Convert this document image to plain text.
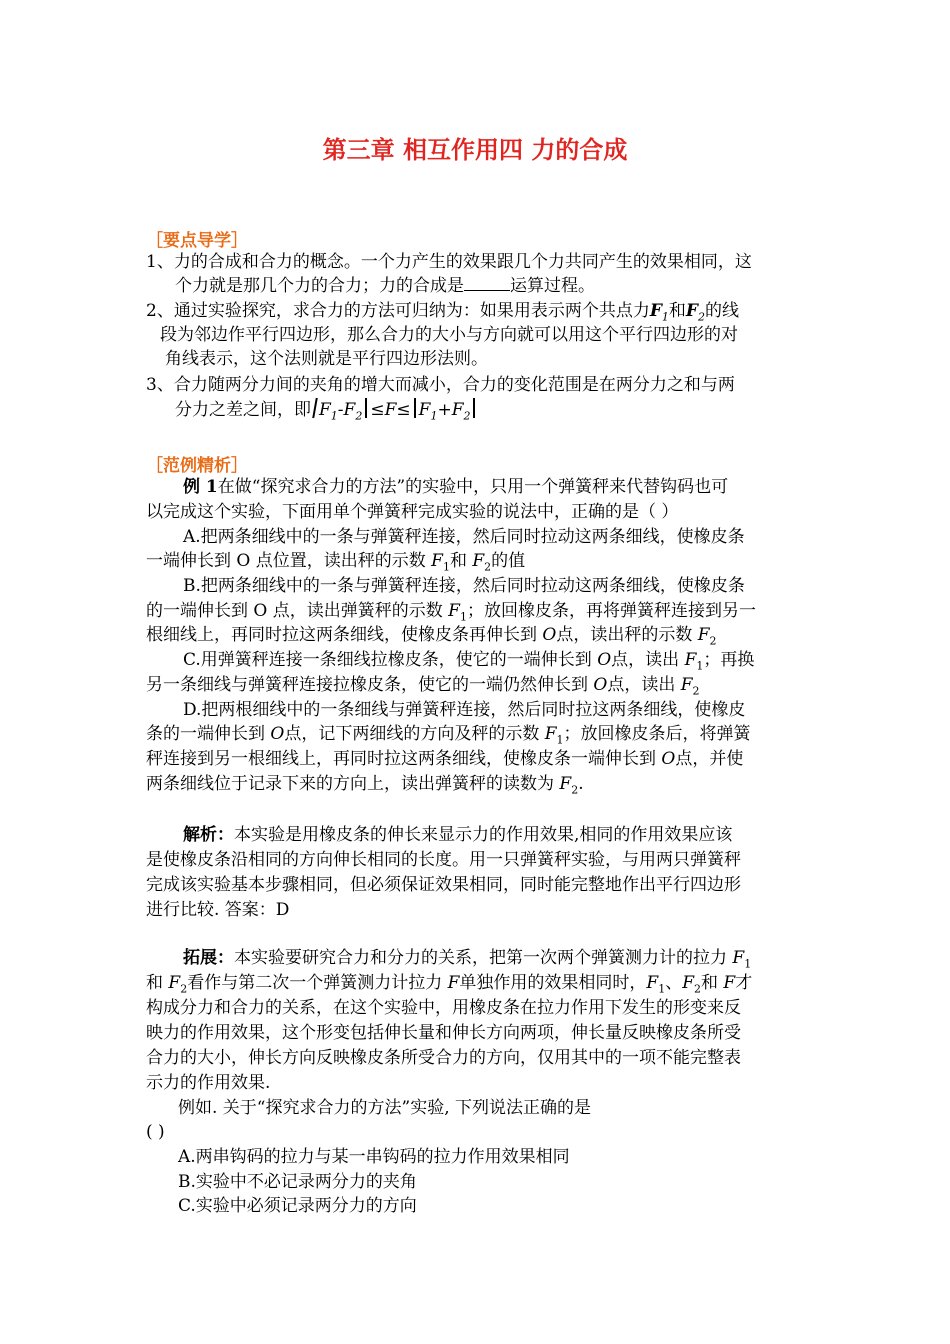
第三章 相互作用四 力的合成
［要点导学］
1、力的合成和合力的概念。一个力产生的效果跟几个力共同产生的效果相同，这
个力就是那几个力的合力；力的合成是	运算过程。
2、通过实验探究，求合力的方法可归纳为：如果用表示两个共点力$F_1$和$F_2$的线
段为邻边作平行四边形，那么合力的大小与方向就可以用这个平行四边形的对
角线表示，这个法则就是平行四边形法则。
3、合力随两分力间的夹角的增大而减小，合力的变化范围是在两分力之和与两
分力之差之间，即 $F_1-F_2 \le F\le F_1+F_2$
［范例精析］
例 1在做“探究求合力的方法”的实验中，只用一个弹簧秤来代替钩码也可
以完成这个实验，下面用单个弹簧秤完成实验的说法中，正确的是（ ）
A.把两条细线中的一条与弹簧秤连接，然后同时拉动这两条细线，使橡皮条
一端伸长到 O 点位置，读出秤的示数 $F_1$和 $F_2$的值
B.把两条细线中的一条与弹簧秤连接，然后同时拉动这两条细线，使橡皮条
的一端伸长到 O 点，读出弹簧秤的示数 $F_1$；放回橡皮条，再将弹簧秤连接到另一
根细线上，再同时拉这两条细线，使橡皮条再伸长到 O点，读出秤的示数 $F_2$
C.用弹簧秤连接一条细线拉橡皮条，使它的一端伸长到 O点，读出 $F_1$；再换
另一条细线与弹簧秤连接拉橡皮条，使它的一端仍然伸长到 O点，读出 $F_2$
D.把两根细线中的一条细线与弹簧秤连接，然后同时拉这两条细线，使橡皮
条的一端伸长到 O点，记下两细线的方向及秤的示数 $F_1$；放回橡皮条后，将弹簧
秤连接到另一根细线上，再同时拉这两条细线，使橡皮条一端伸长到 O点，并使
两条细线位于记录下来的方向上，读出弹簧秤的读数为 $F_2$.
解析：本实验是用橡皮条的伸长来显示力的作用效果,相同的作用效果应该
是使橡皮条沿相同的方向伸长相同的长度。用一只弹簧秤实验，与用两只弹簧秤
完成该实验基本步骤相同，但必须保证效果相同，同时能完整地作出平行四边形
进行比较. 答案：D
拓展：本实验要研究合力和分力的关系，把第一次两个弹簧测力计的拉力 $F_1$
和 $F_2$看作与第二次一个弹簧测力计拉力 F单独作用的效果相同时，$F_1$、$F_2$和 F才
构成分力和合力的关系，在这个实验中，用橡皮条在拉力作用下发生的形变来反
映力的作用效果，这个形变包括伸长量和伸长方向两项，伸长量反映橡皮条所受
合力的大小，伸长方向反映橡皮条所受合力的方向，仅用其中的一项不能完整表
示力的作用效果.
例如. 关于“探究求合力的方法”实验, 下列说法正确的是
( )
A.两串钩码的拉力与某一串钩码的拉力作用效果相同
B.实验中不必记录两分力的夹角
C.实验中必须记录两分力的方向
